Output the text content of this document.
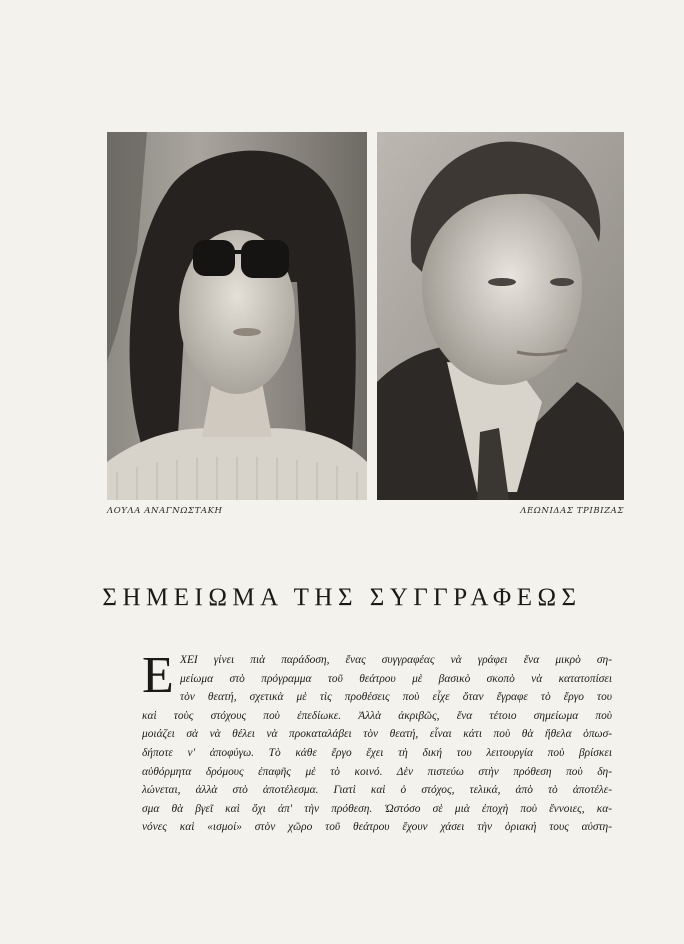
ΛΟΥΛΑ ΑΝΑΓΝΩΣΤΑΚΗ	ΛΕΩΝΙΔΑΣ ΤΡΙΒΙΖΑΣ
ΣΗΜΕΙΩΜΑ ΤΗΣ ΣΥΓΓΡΑΦΕΩΣ
Ε ΧΕΙ γίνει πιὰ παράδοση, ἕνας συγγραφέας νὰ γράφει ἕνα μικρὸ ση-
μείωμα στὸ πρόγραμμα τοῦ θεάτρου μὲ βασικὸ σκοπὸ νὰ κατατοπίσει
τὸν θεατή, σχετικὰ μὲ τὶς προθέσεις ποὺ εἶχε ὅταν ἔγραφε τὸ ἔργο του
καὶ τοὺς στόχους ποὺ ἐπεδίωκε. Ἀλλὰ ἀκριβῶς, ἕνα τέτοιο σημείωμα ποὺ
μοιάζει σὰ νὰ θέλει νὰ προκαταλάβει τὸν θεατή, εἶναι κάτι ποὺ θὰ ἤθελα ὁπωσ-
δήποτε ν' ἀποφύγω. Τὸ κάθε ἔργο ἔχει τὴ δική του λειτουργία ποὺ βρίσκει
αὐθόρμητα δρόμους ἐπαφῆς μὲ τὸ κοινό. Δὲν πιστεύω στὴν πρόθεση ποὺ δη-
λώνεται, ἀλλὰ στὸ ἀποτέλεσμα. Γιατὶ καὶ ὁ στόχος, τελικά, ἀπὸ τὸ ἀποτέλε-
σμα θὰ βγεῖ καὶ ὄχι ἀπ' τὴν πρόθεση. Ὡστόσο σὲ μιὰ ἐποχὴ ποὺ ἔννοιες, κα-
νόνες καὶ «ισμοί» στὸν χῶρο τοῦ θεάτρου ἔχουν χάσει τὴν ὁριακή τους αὐστη-
